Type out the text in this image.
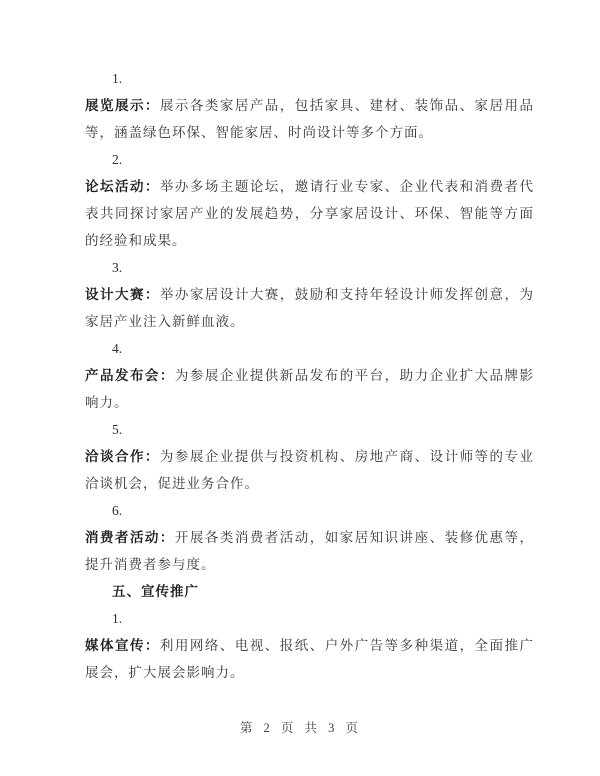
1.

展览展示：展示各类家居产品，包括家具、建材、装饰品、家居用品等，涵盖绿色环保、智能家居、时尚设计等多个方面。

2.

论坛活动：举办多场主题论坛，邀请行业专家、企业代表和消费者代表共同探讨家居产业的发展趋势，分享家居设计、环保、智能等方面的经验和成果。

3.

设计大赛：举办家居设计大赛，鼓励和支持年轻设计师发挥创意，为家居产业注入新鲜血液。

4.

产品发布会：为参展企业提供新品发布的平台，助力企业扩大品牌影响力。

5.

洽谈合作：为参展企业提供与投资机构、房地产商、设计师等的专业洽谈机会，促进业务合作。

6.

消费者活动：开展各类消费者活动，如家居知识讲座、装修优惠等，提升消费者参与度。

五、宣传推广

1.

媒体宣传：利用网络、电视、报纸、户外广告等多种渠道，全面推广展会，扩大展会影响力。

第 2 页 共 3 页
